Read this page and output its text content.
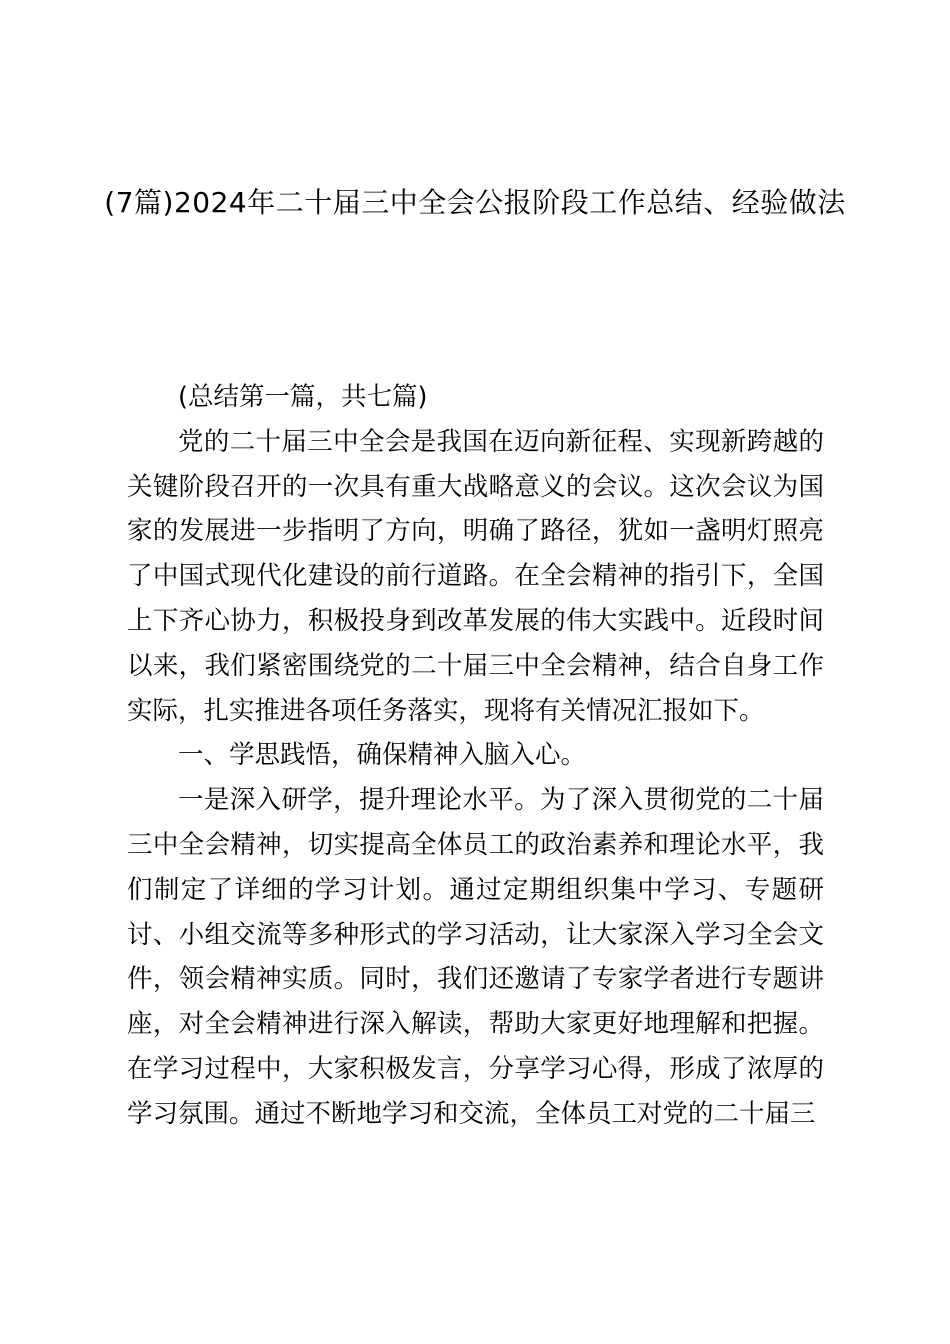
(7篇)2024年二十届三中全会公报阶段工作总结、经验做法

(总结第一篇，共七篇)

党的二十届三中全会是我国在迈向新征程、实现新跨越的关键阶段召开的一次具有重大战略意义的会议。这次会议为国家的发展进一步指明了方向，明确了路径，犹如一盏明灯照亮了中国式现代化建设的前行道路。在全会精神的指引下，全国上下齐心协力，积极投身到改革发展的伟大实践中。近段时间以来，我们紧密围绕党的二十届三中全会精神，结合自身工作实际，扎实推进各项任务落实，现将有关情况汇报如下。

一、学思践悟，确保精神入脑入心。

一是深入研学，提升理论水平。为了深入贯彻党的二十届三中全会精神，切实提高全体员工的政治素养和理论水平，我们制定了详细的学习计划。通过定期组织集中学习、专题研讨、小组交流等多种形式的学习活动，让大家深入学习全会文件，领会精神实质。同时，我们还邀请了专家学者进行专题讲座，对全会精神进行深入解读，帮助大家更好地理解和把握。在学习过程中，大家积极发言，分享学习心得，形成了浓厚的学习氛围。通过不断地学习和交流，全体员工对党的二十届三
